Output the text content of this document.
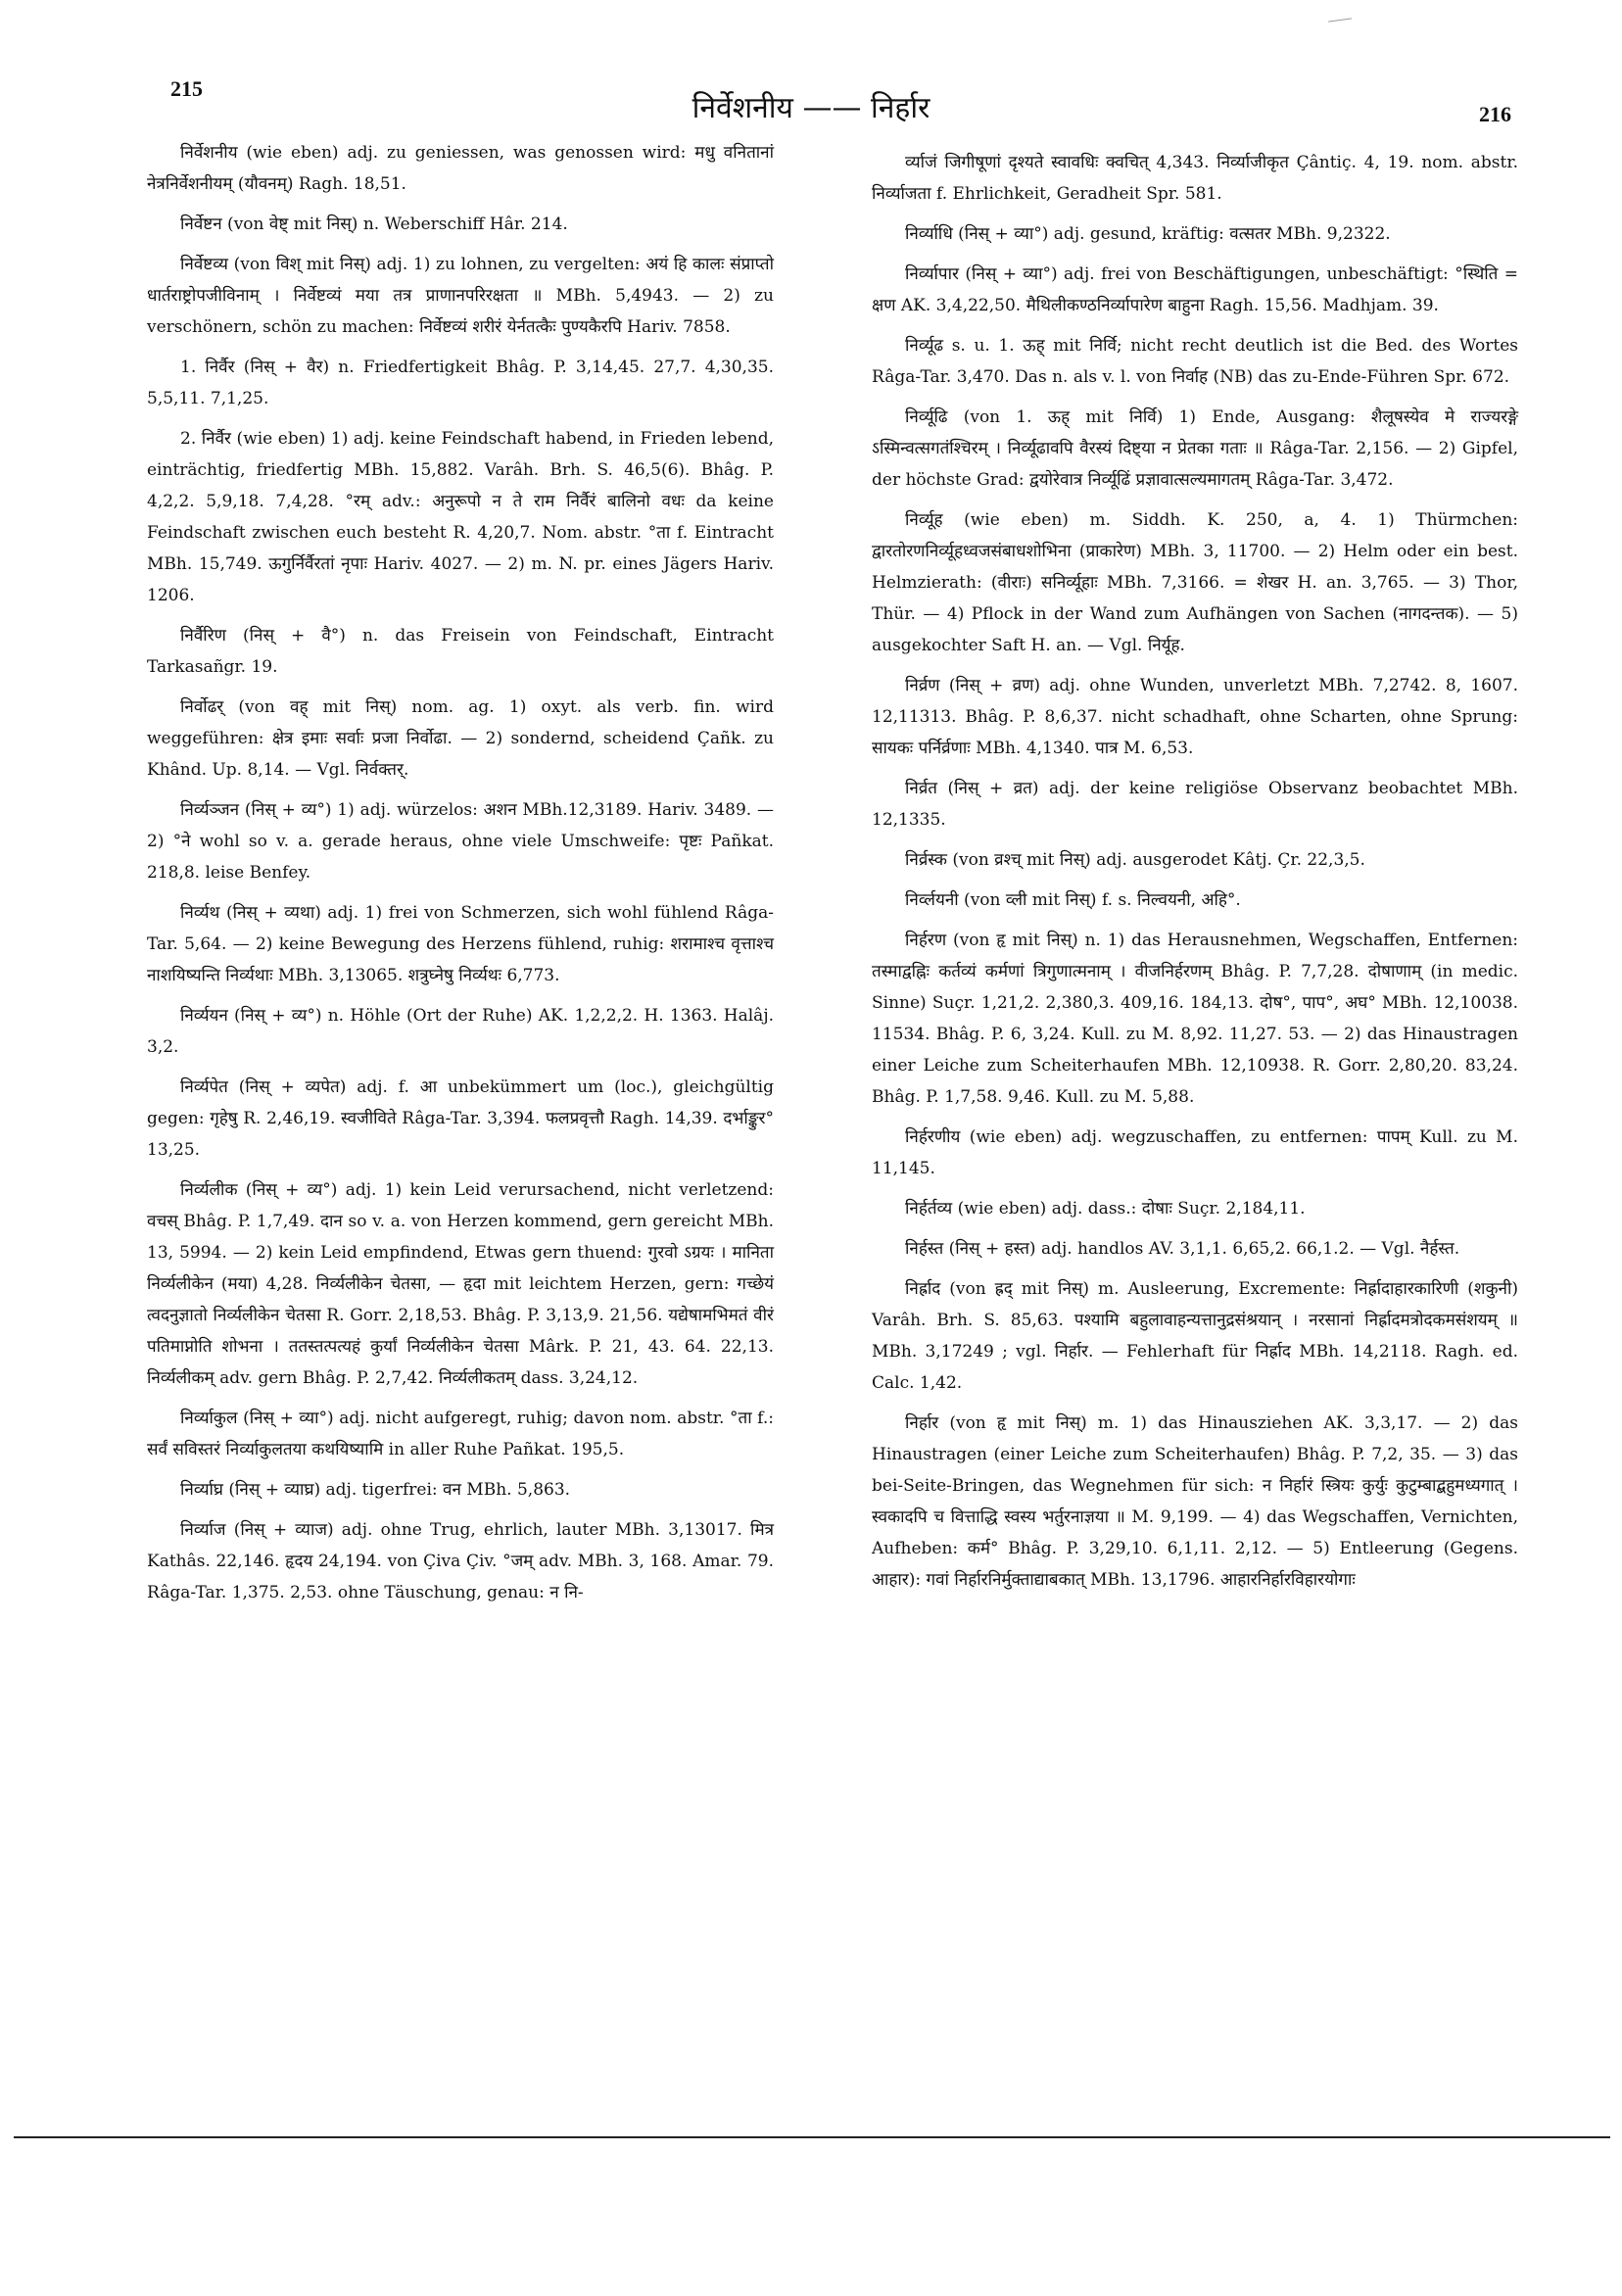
215
निर्वेशनीय —— निर्हार	216

निर्वेशनीय (wie eben) adj. zu geniessen, was genossen wird: मधु वनितानां नेत्रनिर्वेशनीयम् (यौवनम्) Ragh. 18,51.

निर्वेष्टन (von वेष्ट् mit निस्) n. Weberschiff Hâr. 214.

निर्वेष्टव्य (von विश् mit निस्) adj. 1) zu lohnen, zu vergelten: अयं हि कालः संप्राप्तो धार्तराष्ट्रोपजीविनाम् । निर्वेष्टव्यं मया तत्र प्राणानपरिरक्षता ॥ MBh. 5,4943. — 2) zu verschönern, schön zu machen: निर्वेष्टव्यं शरीरं येर्नतत्कैः पुण्यकैरपि Hariv. 7858.

1. निर्वैर (निस् + वैर) n. Friedfertigkeit Bhâg. P. 3,14,45. 27,7. 4,30,35. 5,5,11. 7,1,25.

2. निर्वैर (wie eben) 1) adj. keine Feindschaft habend, in Frieden lebend, einträchtig, friedfertig MBh. 15,882. Varâh. Brh. S. 46,5(6). Bhâg. P. 4,2,2. 5,9,18. 7,4,28. °रम् adv.: अनुरूपो न ते राम निर्वैरं बालिनो वधः da keine Feindschaft zwischen euch besteht R. 4,20,7. Nom. abstr. °ता f. Eintracht MBh. 15,749. ऊगुर्निर्वैरतां नृपाः Hariv. 4027. — 2) m. N. pr. eines Jägers Hariv. 1206.

निर्वैरिण (निस् + वै°) n. das Freisein von Feindschaft, Eintracht Tarkasañgr. 19.

निर्वोढर् (von वह् mit निस्) nom. ag. 1) oxyt. als verb. fin. wird weggeführen: क्षेत्र इमाः सर्वाः प्रजा निर्वोढा. — 2) sondernd, scheidend Çañk. zu Khând. Up. 8,14. — Vgl. निर्वक्तर्.

निर्व्यञ्जन (निस् + व्य°) 1) adj. würzelos: अशन MBh.12,3189. Hariv. 3489. — 2) °ने wohl so v. a. gerade heraus, ohne viele Umschweife: पृष्टः Pañkat. 218,8. leise Benfey.

निर्व्यथ (निस् + व्यथा) adj. 1) frei von Schmerzen, sich wohl fühlend Râga-Tar. 5,64. — 2) keine Bewegung des Herzens fühlend, ruhig: शरामाश्च वृत्ताश्च नाशयिष्यन्ति निर्व्यथाः MBh. 3,13065. शत्रुघ्नेषु निर्व्यथः 6,773.

निर्व्ययन (निस् + व्य°) n. Höhle (Ort der Ruhe) AK. 1,2,2,2. H. 1363. Halâj. 3,2.

निर्व्यपेत (निस् + व्यपेत) adj. f. आ unbekümmert um (loc.), gleichgültig gegen: गृहेषु R. 2,46,19. स्वजीविते Râga-Tar. 3,394. फलप्रवृत्तौ Ragh. 14,39. दर्भाङ्कुर° 13,25.

निर्व्यलीक (निस् + व्य°) adj. 1) kein Leid verursachend, nicht verletzend: वचस् Bhâg. P. 1,7,49. दान so v. a. von Herzen kommend, gern gereicht MBh. 13, 5994. — 2) kein Leid empfindend, Etwas gern thuend: गुरवो ऽग्रयः । मानिता निर्व्यलीकेन (मया) 4,28. निर्व्यलीकेन चेतसा, — हृदा mit leichtem Herzen, gern: गच्छेयं त्वदनुज्ञातो निर्व्यलीकेन चेतसा R. Gorr. 2,18,53. Bhâg. P. 3,13,9. 21,56. यद्येषामभिमतं वीरं पतिमाप्नोति शोभना । ततस्तत्पत्यहं कुर्यां निर्व्यलीकेन चेतसा Mârk. P. 21, 43. 64. 22,13. निर्व्यलीकम् adv. gern Bhâg. P. 2,7,42. निर्व्यलीकतम् dass. 3,24,12.

निर्व्याकुल (निस् + व्या°) adj. nicht aufgeregt, ruhig; davon nom. abstr. °ता f.: सर्वं सविस्तरं निर्व्याकुलतया कथयिष्यामि in aller Ruhe Pañkat. 195,5.

निर्व्याघ्र (निस् + व्याघ्र) adj. tigerfrei: वन MBh. 5,863.

निर्व्याज (निस् + व्याज) adj. ohne Trug, ehrlich, lauter MBh. 3,13017. मित्र Kathâs. 22,146. हृदय 24,194. von Çiva Çiv. °जम् adv. MBh. 3, 168. Amar. 79. Râga-Tar. 1,375. 2,53. ohne Täuschung, genau: न नि-

र्व्याजं जिगीषूणां दृश्यते स्वावधिः क्वचित् 4,343. निर्व्याजीकृत Çântiç. 4, 19. nom. abstr. निर्व्याजता f. Ehrlichkeit, Geradheit Spr. 581.

निर्व्याधि (निस् + व्या°) adj. gesund, kräftig: वत्सतर MBh. 9,2322.

निर्व्यापार (निस् + व्या°) adj. frei von Beschäftigungen, unbeschäftigt: °स्थिति = क्षण AK. 3,4,22,50. मैथिलीकण्ठनिर्व्यापारेण बाहुना Ragh. 15,56. Madhjam. 39.

निर्व्यूढ s. u. 1. ऊह् mit निर्वि; nicht recht deutlich ist die Bed. des Wortes Râga-Tar. 3,470. Das n. als v. l. von निर्वाह (NB) das zu-Ende-Führen Spr. 672.

निर्व्यूढि (von 1. ऊह् mit निर्वि) 1) Ende, Ausgang: शैलूषस्येव मे राज्यरङ्गे ऽस्मिन्वत्सगतंश्चिरम् । निर्व्यूढावपि वैरस्यं दिष्ट्या न प्रेतका गताः ॥ Râga-Tar. 2,156. — 2) Gipfel, der höchste Grad: द्वयोरेवात्र निर्व्यूढिं प्रज्ञावात्सल्यमागतम् Râga-Tar. 3,472.

निर्व्यूह (wie eben) m. Siddh. K. 250, a, 4. 1) Thürmchen: द्वारतोरणनिर्व्यूहध्वजसंबाधशोभिना (प्राकारेण) MBh. 3, 11700. — 2) Helm oder ein best. Helmzierath: (वीराः) सनिर्व्यूहाः MBh. 7,3166. = शेखर H. an. 3,765. — 3) Thor, Thür. — 4) Pflock in der Wand zum Aufhängen von Sachen (नागदन्तक). — 5) ausgekochter Saft H. an. — Vgl. निर्यूह.

निर्व्रण (निस् + व्रण) adj. ohne Wunden, unverletzt MBh. 7,2742. 8, 1607. 12,11313. Bhâg. P. 8,6,37. nicht schadhaft, ohne Scharten, ohne Sprung: सायकः पर्निर्व्रणाः MBh. 4,1340. पात्र M. 6,53.

निर्व्रत (निस् + व्रत) adj. der keine religiöse Observanz beobachtet MBh. 12,1335.

निर्व्रस्क (von व्रश्च् mit निस्) adj. ausgerodet Kâtj. Çr. 22,3,5.

निर्व्लयनी (von व्ली mit निस्) f. s. निल्वयनी, अहि°.

निर्हरण (von हृ mit निस्) n. 1) das Herausnehmen, Wegschaffen, Entfernen: तस्माद्वह्निः कर्तव्यं कर्मणां त्रिगुणात्मनाम् । वीजनिर्हरणम् Bhâg. P. 7,7,28. दोषाणाम् (in medic. Sinne) Suçr. 1,21,2. 2,380,3. 409,16. 184,13. दोष°, पाप°, अघ° MBh. 12,10038. 11534. Bhâg. P. 6, 3,24. Kull. zu M. 8,92. 11,27. 53. — 2) das Hinaustragen einer Leiche zum Scheiterhaufen MBh. 12,10938. R. Gorr. 2,80,20. 83,24. Bhâg. P. 1,7,58. 9,46. Kull. zu M. 5,88.

निर्हरणीय (wie eben) adj. wegzuschaffen, zu entfernen: पापम् Kull. zu M. 11,145.

निर्हर्तव्य (wie eben) adj. dass.: दोषाः Suçr. 2,184,11.

निर्हस्त (निस् + हस्त) adj. handlos AV. 3,1,1. 6,65,2. 66,1.2. — Vgl. नैर्हस्त.

निर्ह्राद (von ह्रद् mit निस्) m. Ausleerung, Excremente: निर्ह्रादाहारकारिणी (शकुनी) Varâh. Brh. S. 85,63. पश्यामि बहुलावाहन्यत्तानुद्रसंश्रयान् । नरसानां निर्ह्रादमत्रोदकमसंशयम् ॥ MBh. 3,17249 ; vgl. निर्हार. — Fehlerhaft für निर्ह्राद MBh. 14,2118. Ragh. ed. Calc. 1,42.

निर्हार (von हृ mit निस्) m. 1) das Hinausziehen AK. 3,3,17. — 2) das Hinaustragen (einer Leiche zum Scheiterhaufen) Bhâg. P. 7,2, 35. — 3) das bei-Seite-Bringen, das Wegnehmen für sich: न निर्हारं स्त्रियः कुर्युः कुटुम्बाद्बहुमध्यगात् । स्वकादपि च वित्ताद्धि स्वस्य भर्तुरनाज्ञया ॥ M. 9,199. — 4) das Wegschaffen, Vernichten, Aufheben: कर्म° Bhâg. P. 3,29,10. 6,1,11. 2,12. — 5) Entleerung (Gegens. आहार): गवां निर्हारनिर्मुक्ताद्याबकात् MBh. 13,1796. आहारनिर्हारविहारयोगाः
